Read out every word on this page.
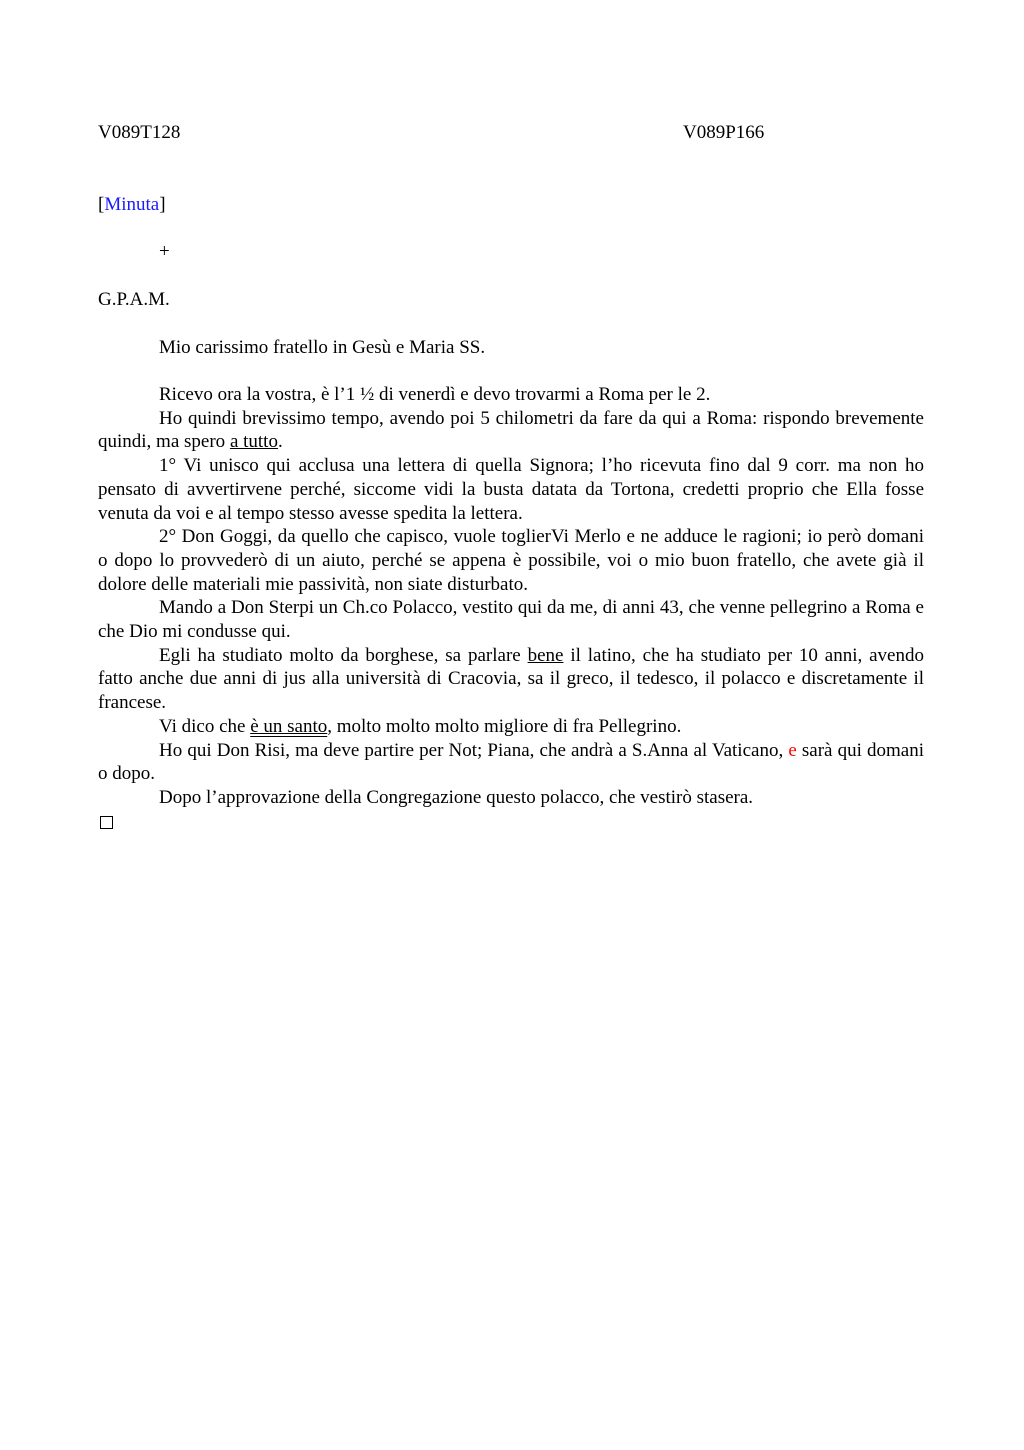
V089T128	V089P166
[Minuta]
+
G.P.A.M.
Mio carissimo fratello in Gesù e Maria SS.

Ricevo ora la vostra, è l’1 ½ di venerdì e devo trovarmi a Roma per le 2.

Ho quindi brevissimo tempo, avendo poi 5 chilometri da fare da qui a Roma: rispondo brevemente quindi, ma spero a tutto.

1° Vi unisco qui acclusa una lettera di quella Signora; l’ho ricevuta fino dal 9 corr. ma non ho pensato di avvertirvene perché, siccome vidi la busta datata da Tortona, credetti proprio che Ella fosse venuta da voi e al tempo stesso avesse spedita la lettera.

2° Don Goggi, da quello che capisco, vuole toglierVi Merlo e ne adduce le ragioni; io però domani o dopo lo provvederò di un aiuto, perché se appena è possibile, voi o mio buon fratello, che avete già il dolore delle materiali mie passività, non siate disturbato.

Mando a Don Sterpi un Ch.co Polacco, vestito qui da me, di anni 43, che venne pellegrino a Roma e che Dio mi condusse qui.

Egli ha studiato molto da borghese, sa parlare bene il latino, che ha studiato per 10 anni, avendo fatto anche due anni di jus alla università di Cracovia, sa il greco, il tedesco, il polacco e discretamente il francese.

Vi dico che è un santo, molto molto molto migliore di fra Pellegrino.

Ho qui Don Risi, ma deve partire per Not; Piana, che andrà a S.Anna al Vaticano, e sarà qui domani o dopo.

Dopo l’approvazione della Congregazione questo polacco, che vestirò stasera.
